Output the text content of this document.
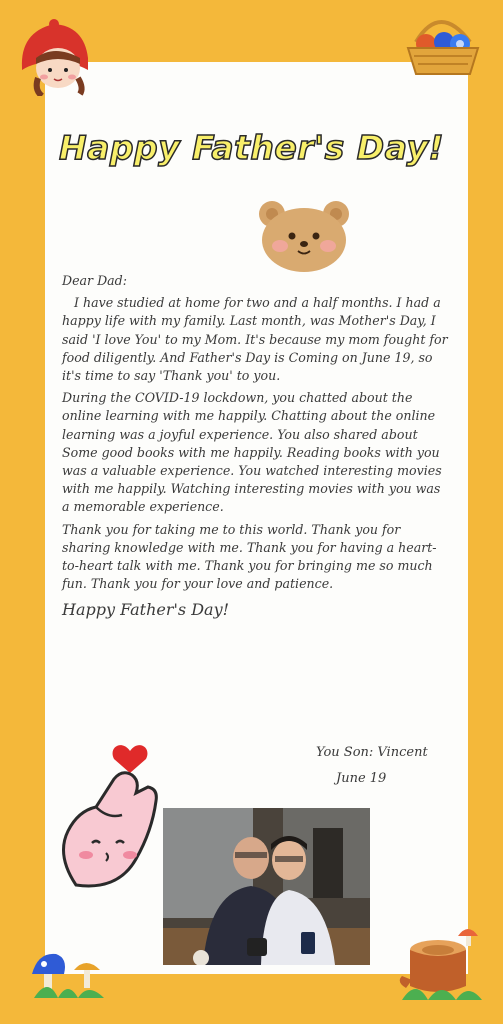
Happy Father's Day!

Dear Dad:

I have studied at home for two and a half months. I had a happy life with my family. Last month, was Mother's Day, I said 'I love You' to my Mom. It's because my mom fought for food diligently. And Father's Day is Coming on June 19, so it's time to say 'Thank you' to you.

During the COVID-19 lockdown, you chatted about the online learning with me happily. Chatting about the online learning was a joyful experience. You also shared about Some good books with me happily. Reading books with you was a valuable experience. You watched interesting movies with me happily. Watching interesting movies with you was a memorable experience.

Thank you for taking me to this world. Thank you for sharing knowledge with me. Thank you for having a heart-to-heart talk with me. Thank you for bringing me so much fun. Thank you for your love and patience.

Happy Father's Day!

You Son: Vincent
June 19
